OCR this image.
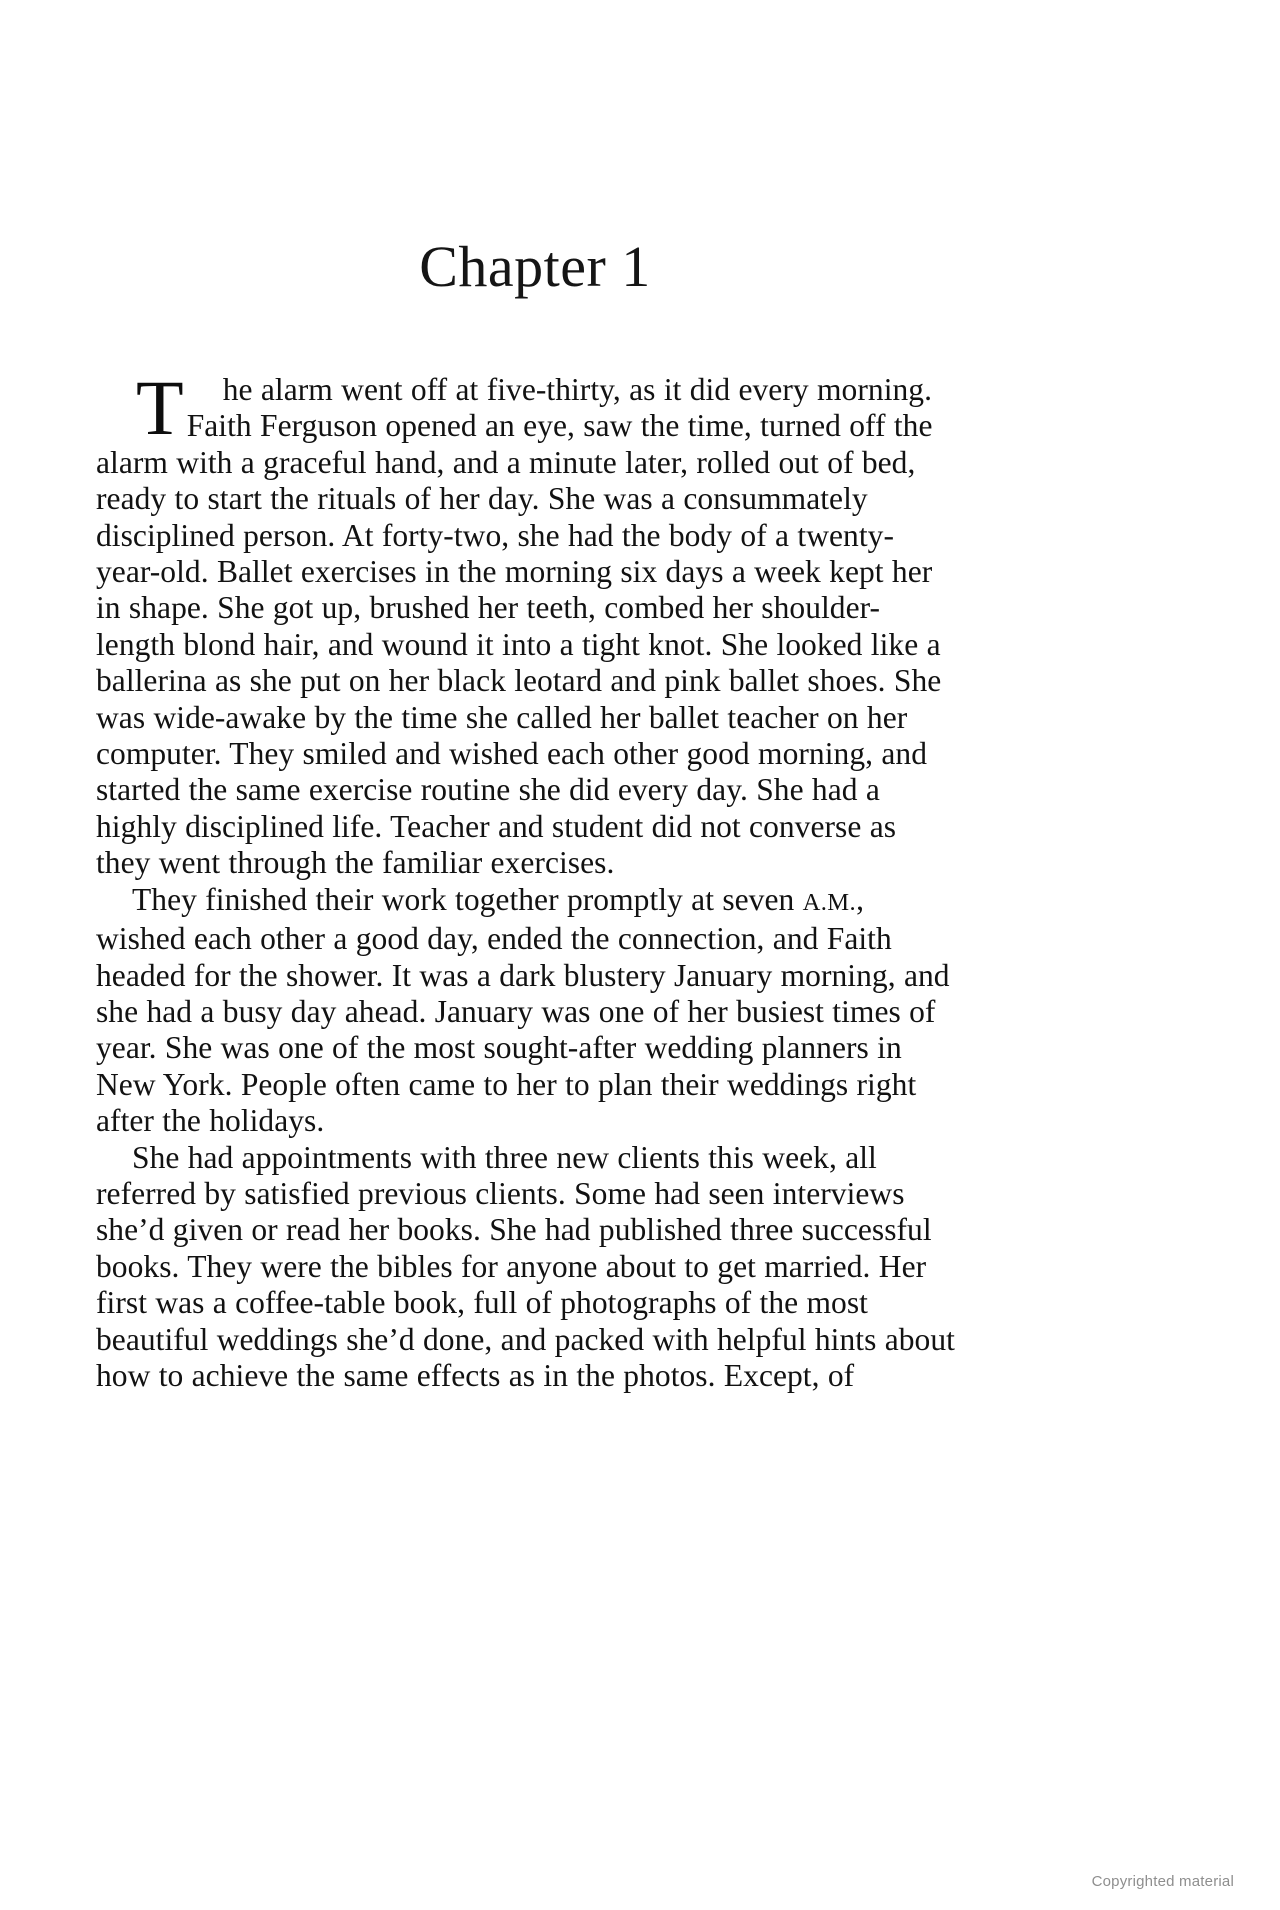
Chapter 1

T he alarm went off at five-thirty, as it did every morning. Faith Ferguson opened an eye, saw the time, turned off the alarm with a graceful hand, and a minute later, rolled out of bed, ready to start the rituals of her day. She was a consummately disciplined person. At forty-two, she had the body of a twenty-year-old. Ballet exercises in the morning six days a week kept her in shape. She got up, brushed her teeth, combed her shoulder-length blond hair, and wound it into a tight knot. She looked like a ballerina as she put on her black leotard and pink ballet shoes. She was wide-awake by the time she called her ballet teacher on her computer. They smiled and wished each other good morning, and started the same exercise routine she did every day. She had a highly disciplined life. Teacher and student did not converse as they went through the familiar exercises.

They finished their work together promptly at seven A.M., wished each other a good day, ended the connection, and Faith headed for the shower. It was a dark blustery January morning, and she had a busy day ahead. January was one of her busiest times of year. She was one of the most sought-after wedding planners in New York. People often came to her to plan their weddings right after the holidays.

She had appointments with three new clients this week, all referred by satisfied previous clients. Some had seen interviews she’d given or read her books. She had published three successful books. They were the bibles for anyone about to get married. Her first was a coffee-table book, full of photographs of the most beautiful weddings she’d done, and packed with helpful hints about how to achieve the same effects as in the photos. Except, of

Copyrighted material
